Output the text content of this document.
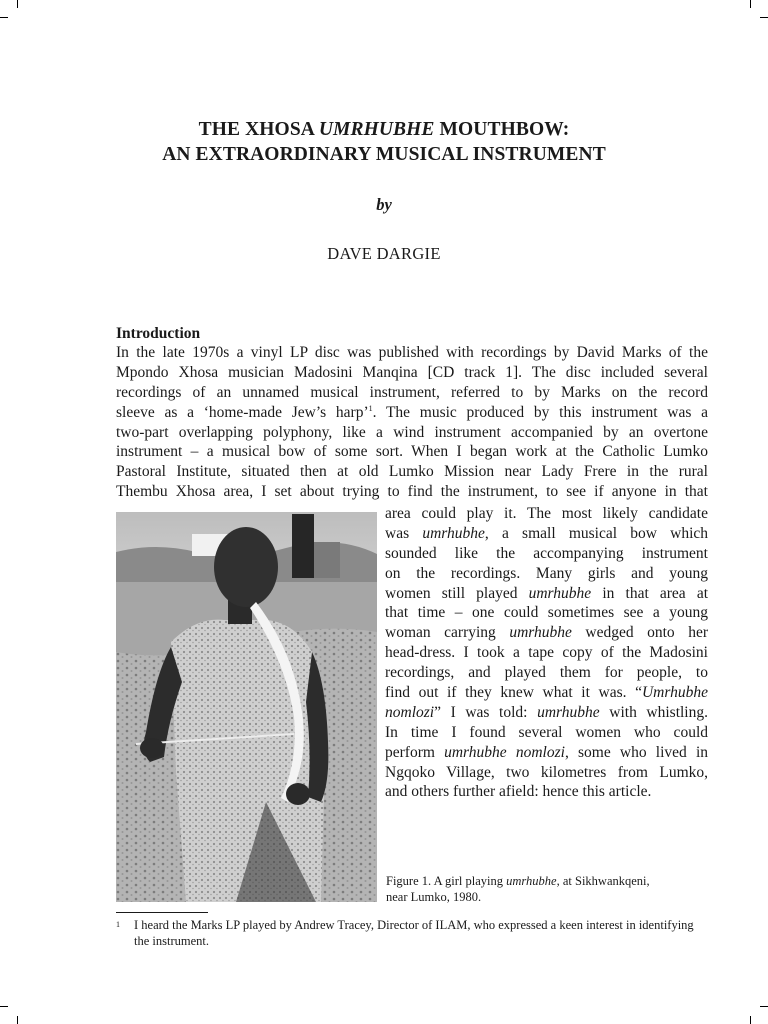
THE XHOSA UMRHUBHE MOUTHBOW:
AN EXTRAORDINARY MUSICAL INSTRUMENT
by
DAVE DARGIE
Introduction
In the late 1970s a vinyl LP disc was published with recordings by David Marks of the
Mpondo Xhosa musician Madosini Manqina [CD track 1]. The disc included several
recordings of an unnamed musical instrument, referred to by Marks on the record
sleeve as a ‘home-made Jew’s harp’$^1$. The music produced by this instrument was a
two-part overlapping polyphony, like a wind instrument accompanied by an overtone
instrument – a musical bow of some sort. When I began work at the Catholic Lumko
Pastoral Institute, situated then at old Lumko Mission near Lady Frere in the rural
Thembu Xhosa area, I set about trying to find the instrument, to see if anyone in that
area could play it. The most likely candidate
was umrhubhe, a small musical bow which
sounded like the accompanying instrument
on the recordings. Many girls and young
women still played umrhubhe in that area at
that time – one could sometimes see a young
woman carrying umrhubhe wedged onto her
head-dress. I took a tape copy of the Madosini
recordings, and played them for people, to
find out if they knew what it was. “Umrhubhe
nomlozi” I was told: umrhubhe with whistling.
In time I found several women who could
perform umrhubhe nomlozi, some who lived in
Ngqoko Village, two kilometres from Lumko,
and others further afield: hence this article.
Figure 1. A girl playing umrhubhe, at Sikhwankqeni,
near Lumko, 1980.
1	I heard the Marks LP played by Andrew Tracey, Director of ILAM, who expressed a keen interest in identifying the instrument.
